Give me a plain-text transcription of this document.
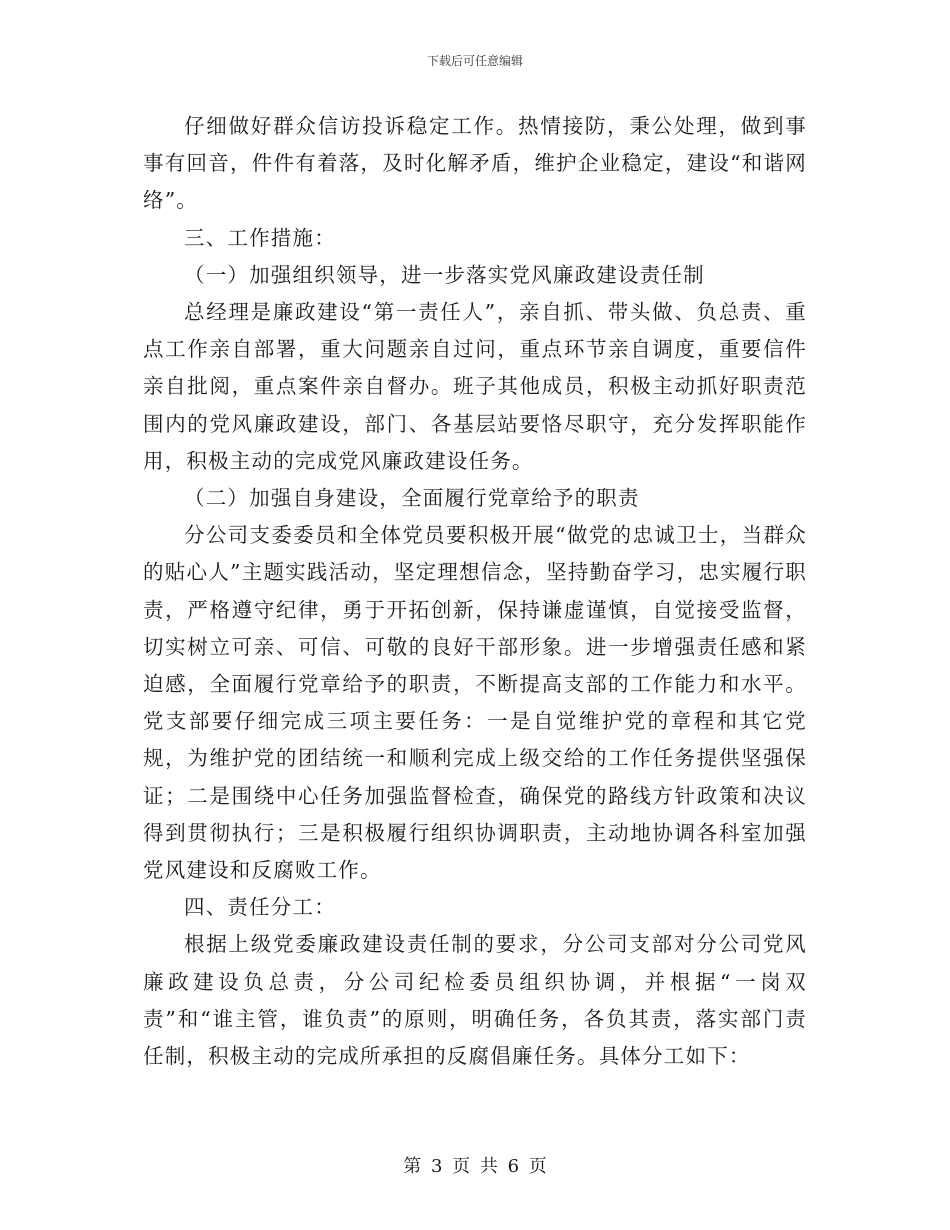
下载后可任意编辑

仔细做好群众信访投诉稳定工作。热情接防，秉公处理，做到事事有回音，件件有着落，及时化解矛盾，维护企业稳定，建设“和谐网络”。

三、工作措施：

（一）加强组织领导，进一步落实党风廉政建设责任制

总经理是廉政建设“第一责任人”，亲自抓、带头做、负总责、重点工作亲自部署，重大问题亲自过问，重点环节亲自调度，重要信件亲自批阅，重点案件亲自督办。班子其他成员，积极主动抓好职责范围内的党风廉政建设，部门、各基层站要恪尽职守，充分发挥职能作用，积极主动的完成党风廉政建设任务。

（二）加强自身建设，全面履行党章给予的职责

分公司支委委员和全体党员要积极开展“做党的忠诚卫士，当群众的贴心人”主题实践活动，坚定理想信念，坚持勤奋学习，忠实履行职责，严格遵守纪律，勇于开拓创新，保持谦虚谨慎，自觉接受监督，切实树立可亲、可信、可敬的良好干部形象。进一步增强责任感和紧迫感，全面履行党章给予的职责，不断提高支部的工作能力和水平。党支部要仔细完成三项主要任务：一是自觉维护党的章程和其它党规，为维护党的团结统一和顺利完成上级交给的工作任务提供坚强保证；二是围绕中心任务加强监督检查，确保党的路线方针政策和决议得到贯彻执行；三是积极履行组织协调职责，主动地协调各科室加强党风建设和反腐败工作。

四、责任分工：

根据上级党委廉政建设责任制的要求，分公司支部对分公司党风廉政建设负总责，分公司纪检委员组织协调，并根据“一岗双责”和“谁主管，谁负责”的原则，明确任务，各负其责，落实部门责任制，积极主动的完成所承担的反腐倡廉任务。具体分工如下：

第 3 页 共 6 页
